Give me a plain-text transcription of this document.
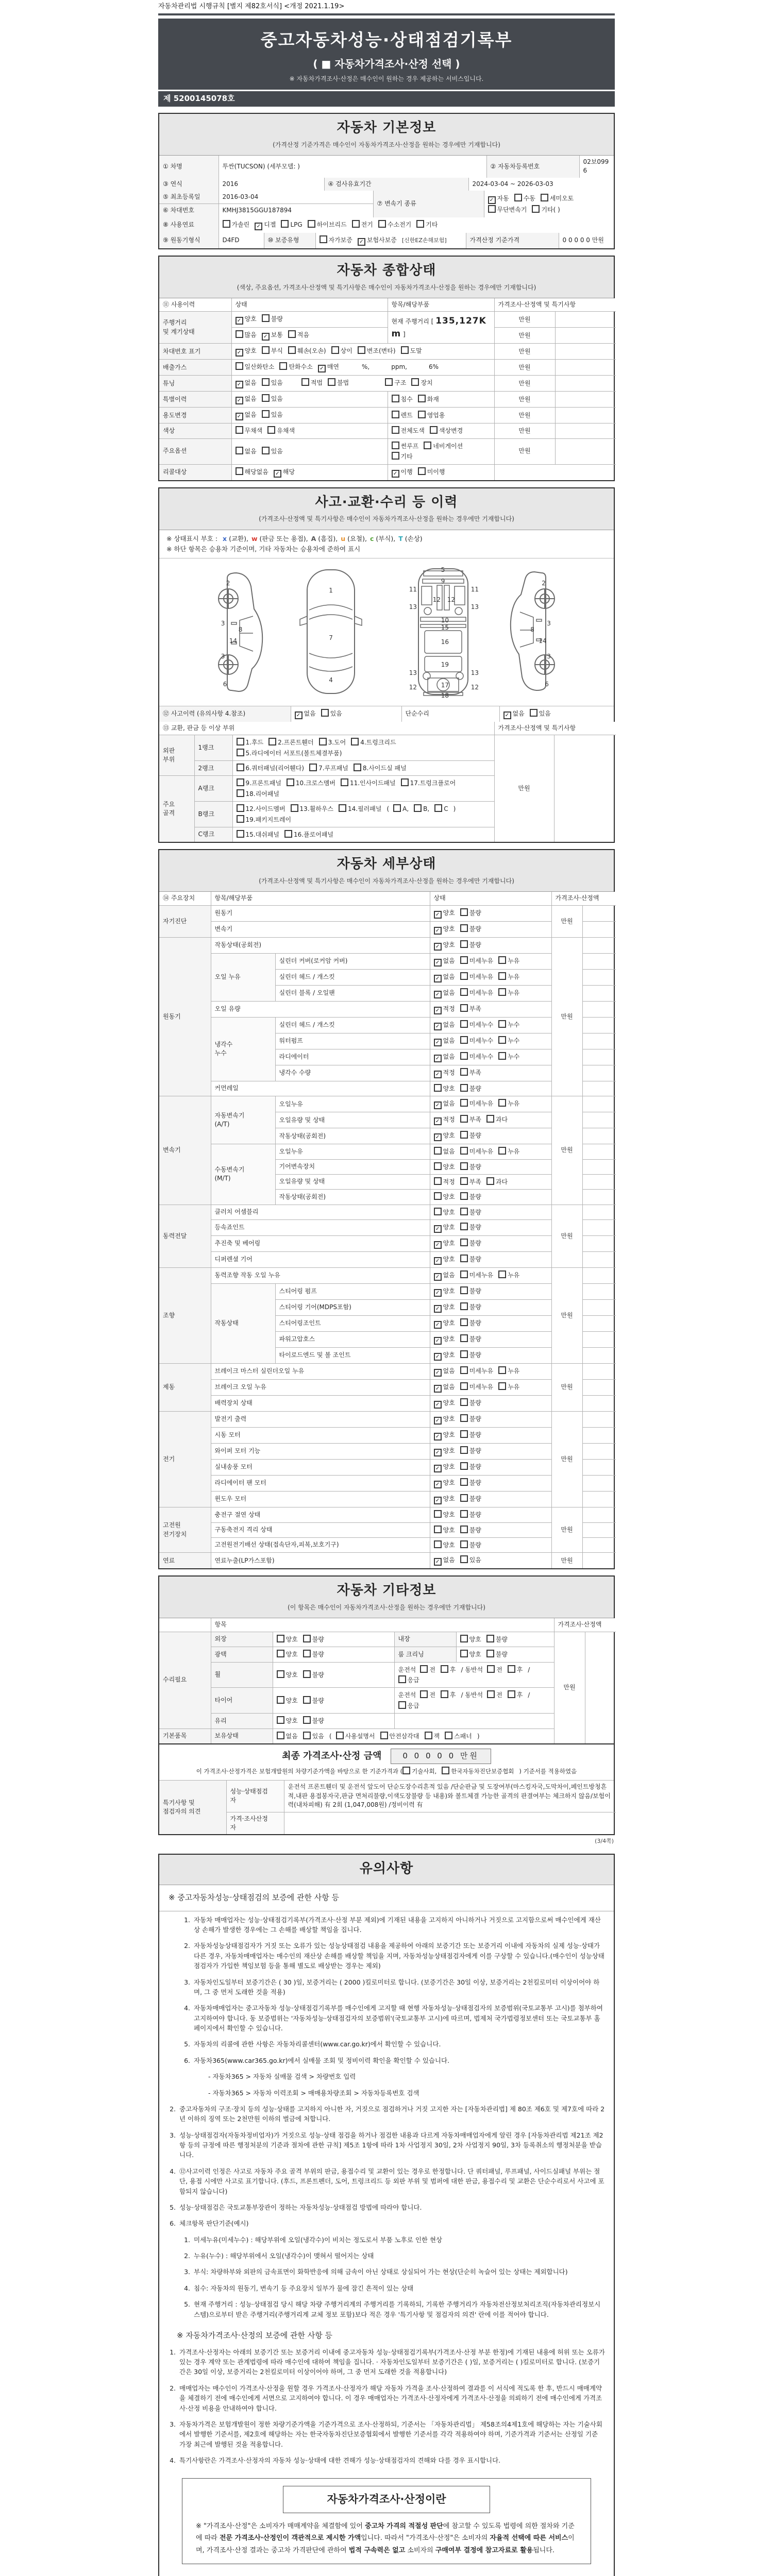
자동차관리법 시행규칙 [별지 제82호서식] <개정 2021.1.19>
중고자동차성능·상태점검기록부
( ■ 자동차가격조사·산정 선택 )
※ 자동차가격조사·산정은 매수인이 원하는 경우 제공하는 서비스입니다.
제 5200145078호
자동차 기본정보
(가격산정 기준가격은 매수인이 자동차가격조사·산정을 원하는 경우에만 기재합니다)
① 차명	투싼(TUCSON) (세부모델: )	② 자동차등록번호	02보0996
③ 연식	2016	④ 검사유효기간	2024-03-04 ~ 2026-03-03
⑤ 최초등록일	2016-03-04	⑦ 변속기 종류	✓ 자동 수동 세미오토무단변속기 기타( )
⑥ 차대번호	KMHJ3815GGU187894		
⑧ 사용연료	가솔린 ✓ 디젤 LPG 하이브리드 전기 수소전기 기타
⑨ 원동기형식	D4FD	⑩ 보증유형	자가보증 ✓ 보험사보증 [신한EZ손해보험]	가격산정 기준가격	0 0 0 0 0 만원
자동차 종합상태
(색상, 주요옵션, 가격조사·산정액 및 특기사항은 매수인이 자동차가격조사·산정을 원하는 경우에만 기재합니다)
⑪ 사용이력	상태	항목/해당부품	가격조사·산정액 및 특기사항	
주행거리
및 계기상태	✓ 양호 불량	현재 주행거리 [ 135,127Km ]	만원	
	많음 ✓ 보통 적음		만원	
차대번호 표기	✓ 양호 부식 훼손(오손) 상이 변조(변타) 도말		만원	
배출가스	일산화탄소 탄화수소 ✓ 매연 %, ppm, 6%		만원	
튜닝	✓ 없음 있음 적법 불법 구조 장치		만원	
특별이력	✓ 없음 있음	침수 화재	만원	
용도변경	✓ 없음 있음	렌트 영업용	만원	
색상	무채색 유채색	전체도색 색상변경	만원	
주요옵션	없음 있음	썬루프 네비게이션기타	만원	
리콜대상	해당없음 ✓ 해당	✓ 이행 미이행		
사고·교환·수리 등 이력
(가격조사·산정액 및 특기사항은 매수인이 자동차가격조사·산정을 원하는 경우에만 기재합니다)
※ 상태표시 부호 : x (교환), w (판금 또는 용접), A (흠집), u (요철), c (부식), T (손상)
※ 하단 항목은 승용차 기준이며, 기타 자동차는 승용차에 준하여 표시
2
8
3
14
3
6
1
7
4
5
9
11	11
13
12 12
13
10
15
16
13
19
13
12	17	12
18
2
3
8
14
3
6
⑫ 사고이력 (유의사항 4.참조)	✓ 없음 있음	단순수리	✓ 없음 있음
⑬ 교환, 판금 등 이상 부위			가격조사·산정액 및 특기사항	
외판
부위	1랭크	1.후드 2.프론트휀더 3.도어 4.트렁크리드5.라디에이터 서포트(볼트체결부품)	만원	
	2랭크	6.쿼터패널(리어휀다) 7.루프패널 8.사이드실 패널		
주요
골격	A랭크	9.프론트패널 10.크로스멤버 11.인사이드패널 17.트렁크플로어18.리어패널		
	B랭크	12.사이드멤버 13.휠하우스 14.필러패널 ( A, B, C )19.패키지트레이		
	C랭크	15.대쉬패널 16.플로어패널		
자동차 세부상태
(가격조사·산정액 및 특기사항은 매수인이 자동차가격조사·산정을 원하는 경우에만 기재합니다)
⑭ 주요장치	항목/해당부품		상태	가격조사·산정액	
자기진단	원동기		✓ 양호 불량	만원	
	변속기		✓ 양호 불량		
원동기	작동상태(공회전)		✓ 양호 불량	만원	
	오일 누유	실린더 커버(로커암 커버)	✓ 없음 미세누유 누유		
		실린더 헤드 / 개스킷	✓ 없음 미세누유 누유		
		실린더 블록 / 오일팬	✓ 없음 미세누유 누유		
	오일 유량		✓ 적정 부족		
	냉각수
누수	실린더 헤드 / 개스킷	✓ 없음 미세누수 누수		
		워터펌프	✓ 없음 미세누수 누수		
		라디에이터	✓ 없음 미세누수 누수		
		냉각수 수량	✓ 적정 부족		
	커먼레일		양호 불량		
변속기	자동변속기
(A/T)	오일누유	✓ 없음 미세누유 누유	만원	
		오일유량 및 상태	✓ 적정 부족 과다		
		작동상태(공회전)	✓ 양호 불량		
	수동변속기
(M/T)	오일누유	없음 미세누유 누유		
		기어변속장치	양호 불량		
		오일유량 및 상태	적정 부족 과다		
		작동상태(공회전)	양호 불량		
동력전달	클러치 어셈블리		양호 불량	만원	
	등속죠인트		✓ 양호 불량		
	추진축 및 베어링		✓ 양호 불량		
	디퍼렌셜 기어		✓ 양호 불량		
조향	동력조향 작동 오일 누유		✓ 없음 미세누유 누유	만원	
	작동상태	스티어링 펌프	✓ 양호 불량		
		스티어링 기어(MDPS포함)	✓ 양호 불량		
		스티어링조인트	✓ 양호 불량		
		파워고압호스	✓ 양호 불량		
		타이로드엔드 및 볼 조인트	✓ 양호 불량		
제동	브레이크 마스터 실린더오일 누유		✓ 없음 미세누유 누유	만원	
	브레이크 오일 누유		✓ 없음 미세누유 누유		
	배력장치 상태		✓ 양호 불량		
전기	발전기 출력		✓ 양호 불량	만원	
	시동 모터		✓ 양호 불량		
	와이퍼 모터 기능		✓ 양호 불량		
	실내송풍 모터		✓ 양호 불량		
	라디에이터 팬 모터		✓ 양호 불량		
	윈도우 모터		✓ 양호 불량		
고전원
전기장치	충전구 절연 상태		양호 불량	만원	
	구동축전지 격리 상태		양호 불량		
	고전원전기배선 상태(접속단자,피복,보호기구)		양호 불량		
연료	연료누출(LP가스포함)		✓ 없음 있음	만원	
자동차 기타정보
(이 항목은 매수인이 자동차가격조사·산정을 원하는 경우에만 기재합니다)
	항목				가격조사·산정액	
수리필요	외장	양호 불량	내장	양호 불량	만원	
	광택	양호 불량	룸 크리닝	양호 불량		
	휠	양호 불량	운전석 전 후 / 동반석 전 후 /응급			
	타이어	양호 불량	운전석 전 후 / 동반석 전 후 /응급			
	유리	양호 불량				
기본품목	보유상태	없음 있음 ( 사용설명서 안전삼각대 잭 스패너 )				
최종 가격조사·산정 금액	0 0 0 0 0 만원
이 가격조사·산정가격은 보험개발원의 차량기준가액을 바탕으로 한 기준가격과 ( 기술사회, 한국자동차진단보증협회 ) 기준서를 적용하였음
특기사항 및
점검자의 의견	성능·상태점검
자	운전석 프론트휀더 및 운전석 앞도어 단순도장수리흔적 있음 /단순판금 및 도장여부(마스킹자국,도막차이,페인트방청흔적,내판 용접봉자국,판금 면처리불량,이색도장불량 등 내용)와 볼트체결 가능한 골격의 판결여부는 체크하지 않음/보험이력(내차피해) 有 2회 (1,047,008원) /정비이력 有
	가격·조사산정
자	
(3/4쪽)
유의사항
※ 중고자동차성능·상태점검의 보증에 관한 사항 등
1. 자동차 매매업자는 성능·상태점검기록부(가격조사·산정 부분 제외)에 기재된 내용을 고지하지 아니하거나 거짓으로 고지함으로써 매수인에게 재산상 손해가 발생한 경우에는 그 손해를 배상할 책임을 집니다.
2. 자동차성능상태점검자가 거짓 또는 오류가 있는 성능상태점검 내용을 제공하여 아래의 보증기간 또는 보증거리 이내에 자동차의 실제 성능·상태가 다른 경우, 자동차매매업자는 매수인의 재산상 손해를 배상할 책임을 지며, 자동차성능상태점검자에게 이를 구상할 수 있습니다.(매수인이 성능상태점검자가 가입한 책임보험 등을 통해 별도로 배상받는 경우는 제외)
3. 자동차인도일부터 보증기간은 ( 30 )일, 보증거리는 ( 2000 )킬로미터로 합니다. (보증기간은 30일 이상, 보증거리는 2천킬로미터 이상이어야 하며, 그 중 먼저 도래한 것을 적용)
4. 자동차매매업자는 중고자동차 성능·상태점검기록부를 매수인에게 고지할 때 현행 자동차성능·상태점검자의 보증범위(국토교통부 고시)를 첨부하여 고지하여야 합니다. 동 보증범위는 '자동차성능·상태점검자의 보증범위'(국토교통부 고시)에 따르며, 법제처 국가법령정보센터 또는 국토교통부 홈페이지에서 확인할 수 있습니다.
5. 자동차의 리콜에 관한 사항은 자동차리콜센터(www.car.go.kr)에서 확인할 수 있습니다.
6. 자동차365(www.car365.go.kr)에서 실매물 조회 및 정비이력 확인을 확인할 수 있습니다.
- 자동차365 > 자동차 실매물 검색 > 차량번호 입력
- 자동차365 > 자동차 이력조회 > 매매용차량조회 > 자동차등록번호 검색
2. 중고자동차의 구조·장치 등의 성능·상태를 고지하지 아니한 자, 거짓으로 점검하거나 거짓 고지한 자는 [자동차관리법] 제 80조 제6호 및 제7호에 따라 2년 이하의 징역 또는 2천만원 이하의 벌금에 처합니다.
3. 성능·상태점검자(자동차정비업자)가 거짓으로 성능·상태 점검을 하거나 점검한 내용과 다르게 자동차매매업자에게 알린 경우 [자동차관리법 제21조 제2항 등의 규정에 따른 행정처분의 기준과 절차에 관한 규칙] 제5조 1항에 따라 1차 사업정지 30일, 2차 사업정지 90일, 3차 등록취소의 행정처분을 받습니다.
4. ⑫사고이력 인정은 사고로 자동차 주요 골격 부위의 판금, 용접수리 및 교환이 있는 경우로 한정합니다. 단 쿼터패널, 루프패널, 사이드실패널 부위는 절단, 용접 시에만 사고로 표기합니다. (후드, 프론트펜더, 도어, 트렁크리드 등 외판 부위 및 범퍼에 대한 판금, 용접수리 및 교환은 단순수리로서 사고에 포함되지 않습니다)
5. 성능·상태점검은 국토교통부장관이 정하는 자동차성능·상태점검 방법에 따라야 합니다.
6. 체크항목 판단기준(예시)
1. 미세누유(미세누수) : 해당부위에 오일(냉각수)이 비치는 정도로서 부품 노후로 인한 현상
2. 누유(누수) : 해당부위에서 오일(냉각수)이 맺혀서 떨어지는 상태
3. 부식: 차량하부와 외판의 금속표면이 화학반응에 의해 금속이 아닌 상태로 상실되어 가는 현상(단순히 녹슬어 있는 상태는 제외합니다)
4. 침수: 자동차의 원동기, 변속기 등 주요장치 일부가 물에 잠긴 흔적이 있는 상태
5. 현재 주행거리 : 성능·상태점검 당시 해당 차량 주행거리계의 주행거리를 기록하되, 기록한 주행거리가 자동차전산정보처리조직(자동차관리정보시스템)으로부터 받은 주행거리(주행거리계 교체 정보 포함)보다 적은 경우 '특기사항 및 점검자의 의견' 란에 이를 적어야 합니다.
※ 자동차가격조사·산정의 보증에 관한 사항 등
1. 가격조사·산정자는 아래의 보증기간 또는 보증거리 이내에 중고자동차 성능·상태점검기록부(가격조사·산정 부분 한정)에 기재된 내용에 허위 또는 오류가 있는 경우 계약 또는 관계법령에 따라 매수인에 대하여 책임을 집니다. · 자동차인도일부터 보증기간은 ( )일, 보증거리는 ( )킬로미터로 합니다. (보증기간은 30일 이상, 보증거리는 2천킬로미터 이상이어야 하며, 그 중 먼저 도래한 것을 적용합니다)
2. 매매업자는 매수인이 가격조사·산정을 원할 경우 가격조사·산정자가 해당 자동차 가격을 조사·산정하여 결과를 이 서식에 적도록 한 후, 반드시 매매계약을 체결하기 전에 매수인에게 서면으로 고지하여야 합니다. 이 경우 매매업자는 가격조사·산정자에게 가격조사·산정을 의뢰하기 전에 매수인에게 가격조사·산정 비용을 안내하여야 합니다.
3. 자동차가격은 보험개발원이 정한 차량기준가액을 기준가격으로 조사·산정하되, 기준서는 「자동차관리법」 제58조의4제1호에 해당하는 자는 기술사회에서 발행한 기준서를, 제2호에 해당하는 자는 한국자동차진단보증협회에서 발행한 기준서를 각각 적용하여야 하며, 기준가격과 기준서는 산정일 기준 가장 최근에 발행된 것을 적용합니다.
4. 특기사항란은 가격조사·산정자의 자동차 성능·상태에 대한 견해가 성능·상태점검자의 견해와 다를 경우 표시합니다.
자동차가격조사·산정이란
※ "가격조사·산정"은 소비자가 매매계약을 체결함에 있어 중고차 가격의 적절성 판단에 참고할 수 있도록 법령에 의한 절차와 기준에 따라 전문 가격조사·산정인이 객관적으로 제시한 가액입니다. 따라서 "가격조사·산정"은 소비자의 자율적 선택에 따른 서비스이며, 가격조사·산정 결과는 중고차 가격판단에 관하여 법적 구속력은 없고 소비자의 구매여부 결정에 참고자료로 활용됩니다.
